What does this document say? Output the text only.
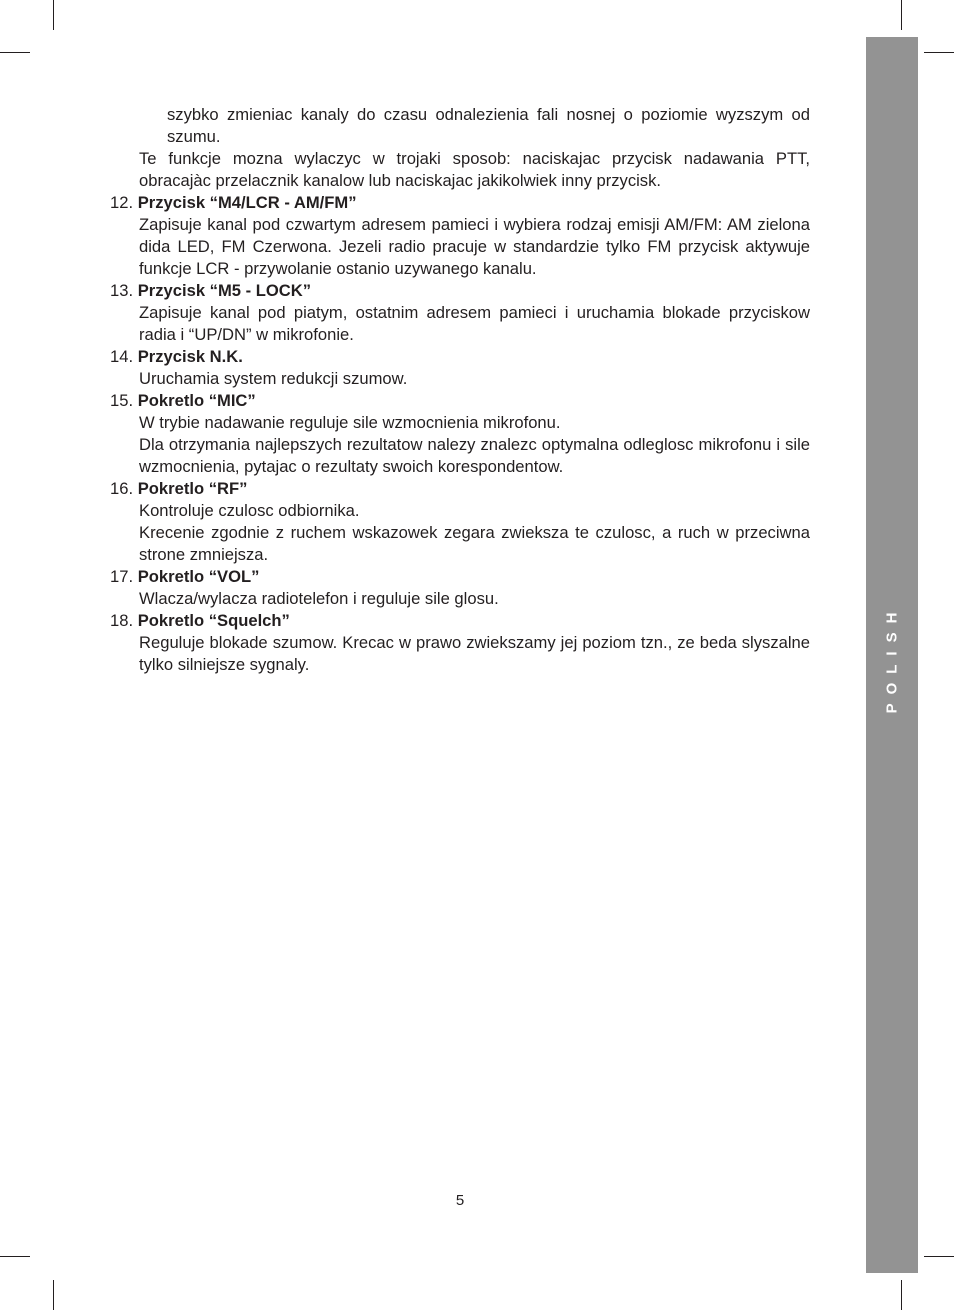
POLISH

szybko zmieniac kanaly do czasu odnalezienia fali nosnej o poziomie wyzszym od szumu.

Te funkcje mozna wylaczyc w trojaki sposob: naciskajac przycisk nadawania PTT, obracajàc przelacznik kanalow lub naciskajac jakikolwiek inny przycisk.

12. Przycisk “M4/LCR - AM/FM”

Zapisuje kanal pod czwartym adresem pamieci i wybiera rodzaj emisji AM/FM: AM zielona dida LED, FM Czerwona. Jezeli radio pracuje w standardzie tylko FM przycisk aktywuje funkcje LCR - przywolanie ostanio uzywanego kanalu.

13. Przycisk “M5 - LOCK”

Zapisuje kanal pod piatym, ostatnim adresem pamieci i uruchamia blokade przyciskow radia i “UP/DN” w mikrofonie.

14. Przycisk N.K.

Uruchamia system redukcji szumow.

15. Pokretlo “MIC”

W trybie nadawanie reguluje sile wzmocnienia mikrofonu.

Dla otrzymania najlepszych rezultatow nalezy znalezc optymalna odleglosc mikrofonu i sile wzmocnienia, pytajac o rezultaty swoich korespondentow.

16. Pokretlo “RF”

Kontroluje czulosc odbiornika.

Krecenie zgodnie z ruchem wskazowek zegara zwieksza te czulosc, a ruch w przeciwna strone zmniejsza.

17. Pokretlo “VOL”

Wlacza/wylacza radiotelefon i reguluje sile glosu.

18. Pokretlo “Squelch”

Reguluje blokade szumow. Krecac w prawo zwiekszamy jej poziom tzn., ze beda slyszalne tylko silniejsze sygnaly.

5
